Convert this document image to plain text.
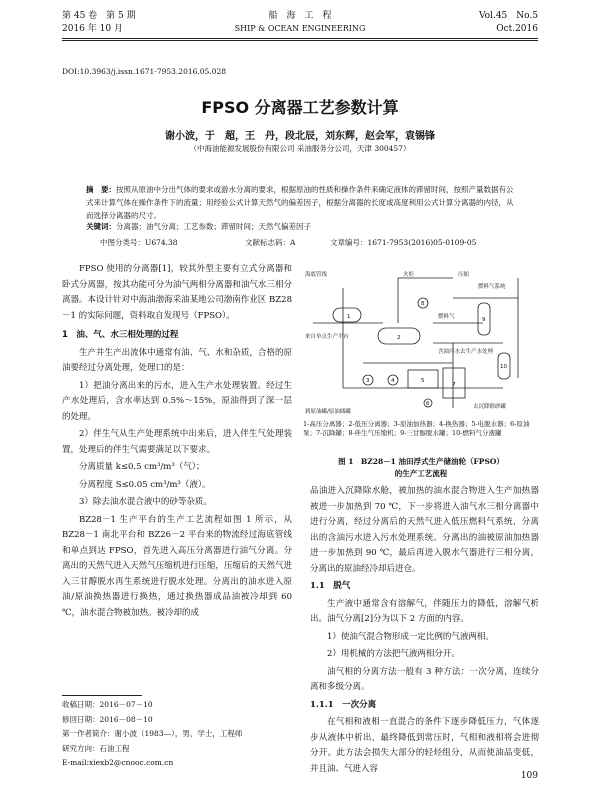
第 45 卷　第 5 期
2016 年 10 月
船　海　工　程
SHIP & OCEAN ENGINEERING
Vol.45　No.5
Oct.2016
DOI:10.3963/j.issn.1671-7953.2016.05.028
FPSO 分离器工艺参数计算
谢小波，于　超，王　丹，段北辰，刘东辉，赵会军，袁锡锋
（中海油能源发展股份有限公司 采油服务分公司，天津 300457）
摘　要：按照从原油中分出气体的要求或游水分离的要求，根据原油的性质和操作条件来确定液体的滞留时间，按照产量数据有公式来计算气体在操作条件下的流量；用经验公式计算天然气的偏差因子，根据分离器的长度或高度利用公式计算分离器的内径，从而选择分离器的尺寸。
关键词：分离器；油气分离；工艺参数；滞留时间；天然气偏差因子
中图分类号：U674.38	文献标志码：A	文章编号：1671-7953(2016)05-0109-05

FPSO 使用的分离器[1]，较其外型主要有立式分离器和卧式分离器，按其功能可分为油气两相分离器和油气水三相分离器。本设计针对中海油渤海采油某地公司渤南作业区 BZ28－1 的实际问题，资料取自发现号（FPSO）。

1　油、气、水三相处理的过程

生产井生产出流体中通常有油、气、水和杂质，合格的原油要经过分离处理，处理口的是：

1）把油分离出来的污水，进入生产水处理装置。经过生产水处理后，含水率达到 0.5%～15%，原油得到了深一层的处理。

2）伴生气从生产处理系统中出来后，进入伴生气处理装置，处理后的伴生气需要满足以下要求。

分离质量 k≤0.5 cm³/m³（气）；

分离程度 S≤0.05 cm³/m³（液）。

3）除去油水混合液中的砂等杂质。

BZ28－1 生产平台的生产工艺流程如图 1 所示，从 BZ28－1 南北平台和 BZ26－2 平台来的物流经过海底管线和单点到达 FPSO，首先进入高压分离器进行油气分离。分离出的天然气进入天然气压缩机进行压缩，压缩后的天然气进入三甘醇脱水再生系统进行脱水处理。分离出的油水进入原油/原油换热器进行换热，通过换热器成品油被冷却到 60 ℃，油水混合物被加热。被冷却的成

收稿日期：2016－07－10
修回日期：2016－08－10
第一作者简介：谢小波（1983—），男，学士，工程师
研究方向：石油工程
E-mail:xiexb2@cnooc.com.cn
1
2
3	4	5
6
7
8
9
10
海底管线
来自单点生产平台
到原油罐/原油储罐
火炬	压缩
燃料气
含油污水去生产水处理
燃料气系统
去沉降除砂罐
1-高压分离器；2-低压分离器；3-原油加热器；4-换热器；5-电脱水器；6-原油泵；7-沉降罐；8-伴生气压缩机；9-三甘醇脱水罐；10-燃料气分液罐
图 1　BZ28－1 油田浮式生产储油轮（FPSO）
的生产工艺流程

品油进入沉降除水舱，被加热的油水混合物进入生产加热器被进一步加热到 70 ℃，下一步将进入油气水三相分离器中进行分离，经过分离后的天然气进入低压燃料气系统，分离出的含油污水进入污水处理系统。分离出的油被原油加热器进一步加热到 90 ℃，最后再进入脱水气器进行三相分离，分离出的原油经冷却后进仓。

1.1　脱气

生产液中通常含有溶解气，伴随压力的降低，溶解气析出。油气分离[2]分为以下 2 方面的内容。

1）使油气混合物形成一定比例的气液两相。

2）用机械的方法把气液两相分开。

油气相的分离方法一般有 3 种方法：一次分离，连续分离和多级分离。

1.1.1　一次分离

在气相和液相一直混合的条件下逐步降低压力，气体逐步从液体中析出，最终降低到常压时，气相和液相将会进彻分开。此方法会损失大部分的轻烃组分，从而使油品变低，并且油、气进入容

109
